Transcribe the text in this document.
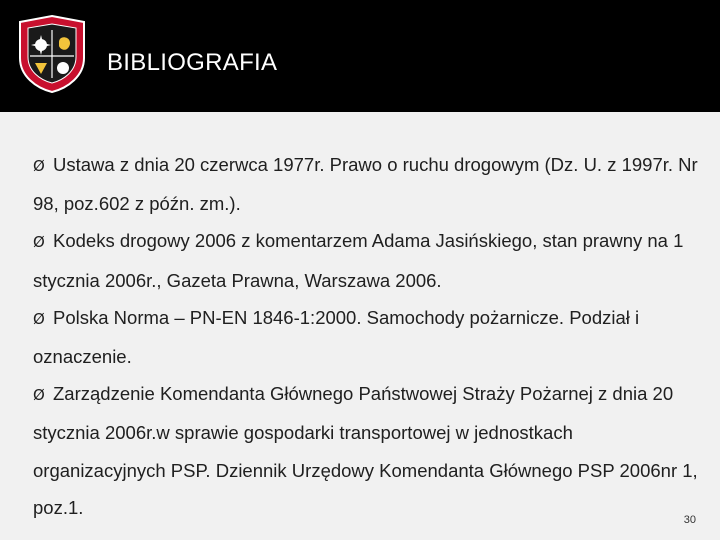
BIBLIOGRAFIA

Ø Ustawa z dnia 20 czerwca 1977r. Prawo o ruchu drogowym (Dz. U. z 1997r. Nr 98, poz.602 z późn. zm.).

Ø Kodeks drogowy 2006 z komentarzem Adama Jasińskiego, stan prawny na 1 stycznia 2006r., Gazeta Prawna, Warszawa 2006.

Ø Polska Norma – PN-EN 1846-1:2000. Samochody pożarnicze. Podział i oznaczenie.

Ø Zarządzenie Komendanta Głównego Państwowej Straży Pożarnej z dnia 20 stycznia 2006r.w sprawie gospodarki transportowej w jednostkach organizacyjnych PSP. Dziennik Urzędowy Komendanta Głównego PSP 2006nr 1, poz.1.

30
